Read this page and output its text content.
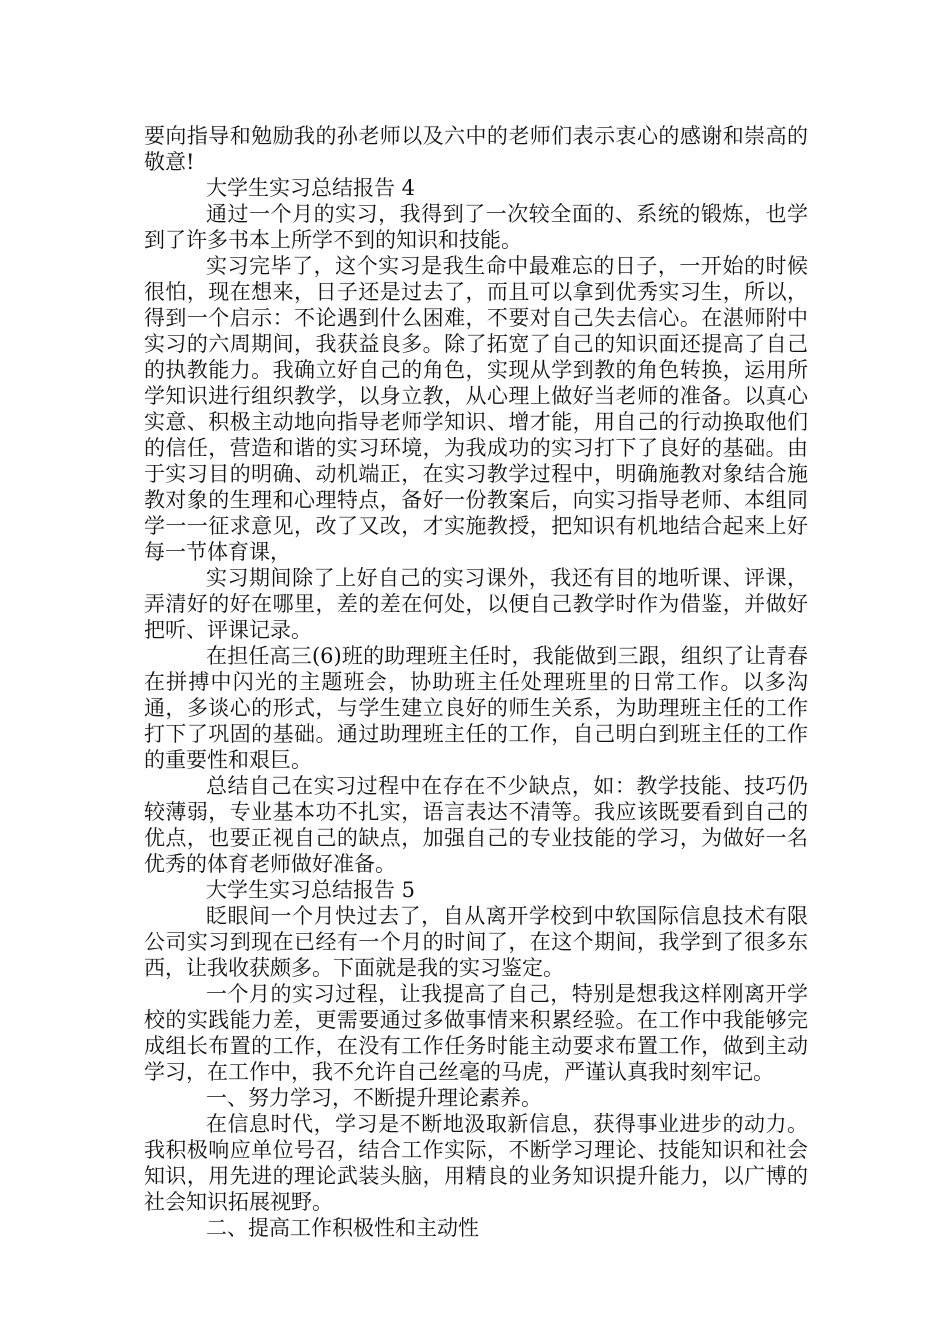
要向指导和勉励我的孙老师以及六中的老师们表示衷心的感谢和崇高的敬意!

大学生实习总结报告 4

通过一个月的实习，我得到了一次较全面的、系统的锻炼，也学到了许多书本上所学不到的知识和技能。

实习完毕了，这个实习是我生命中最难忘的日子，一开始的时候很怕，现在想来，日子还是过去了，而且可以拿到优秀实习生，所以，得到一个启示：不论遇到什么困难，不要对自己失去信心。在湛师附中实习的六周期间，我获益良多。除了拓宽了自己的知识面还提高了自己的执教能力。我确立好自己的角色，实现从学到教的角色转换，运用所学知识进行组织教学，以身立教，从心理上做好当老师的准备。以真心实意、积极主动地向指导老师学知识、增才能，用自己的行动换取他们的信任，营造和谐的实习环境，为我成功的实习打下了良好的基础。由于实习目的明确、动机端正，在实习教学过程中，明确施教对象结合施教对象的生理和心理特点，备好一份教案后，向实习指导老师、本组同学一一征求意见，改了又改，才实施教授，把知识有机地结合起来上好每一节体育课，

实习期间除了上好自己的实习课外，我还有目的地听课、评课，弄清好的好在哪里，差的差在何处，以便自己教学时作为借鉴，并做好把听、评课记录。

在担任高三(6)班的助理班主任时，我能做到三跟，组织了让青春在拼搏中闪光的主题班会，协助班主任处理班里的日常工作。以多沟通，多谈心的形式，与学生建立良好的师生关系，为助理班主任的工作打下了巩固的基础。通过助理班主任的工作，自己明白到班主任的工作的重要性和艰巨。

总结自己在实习过程中在存在不少缺点，如：教学技能、技巧仍较薄弱，专业基本功不扎实，语言表达不清等。我应该既要看到自己的优点，也要正视自己的缺点，加强自己的专业技能的学习，为做好一名优秀的体育老师做好准备。

大学生实习总结报告 5

眨眼间一个月快过去了，自从离开学校到中软国际信息技术有限公司实习到现在已经有一个月的时间了，在这个期间，我学到了很多东西，让我收获颇多。下面就是我的实习鉴定。

一个月的实习过程，让我提高了自己，特别是想我这样刚离开学校的实践能力差，更需要通过多做事情来积累经验。在工作中我能够完成组长布置的工作，在没有工作任务时能主动要求布置工作，做到主动学习，在工作中，我不允许自己丝毫的马虎，严谨认真我时刻牢记。

一、努力学习，不断提升理论素养。

在信息时代，学习是不断地汲取新信息，获得事业进步的动力。我积极响应单位号召，结合工作实际，不断学习理论、技能知识和社会知识，用先进的理论武装头脑，用精良的业务知识提升能力，以广博的社会知识拓展视野。

二、提高工作积极性和主动性
